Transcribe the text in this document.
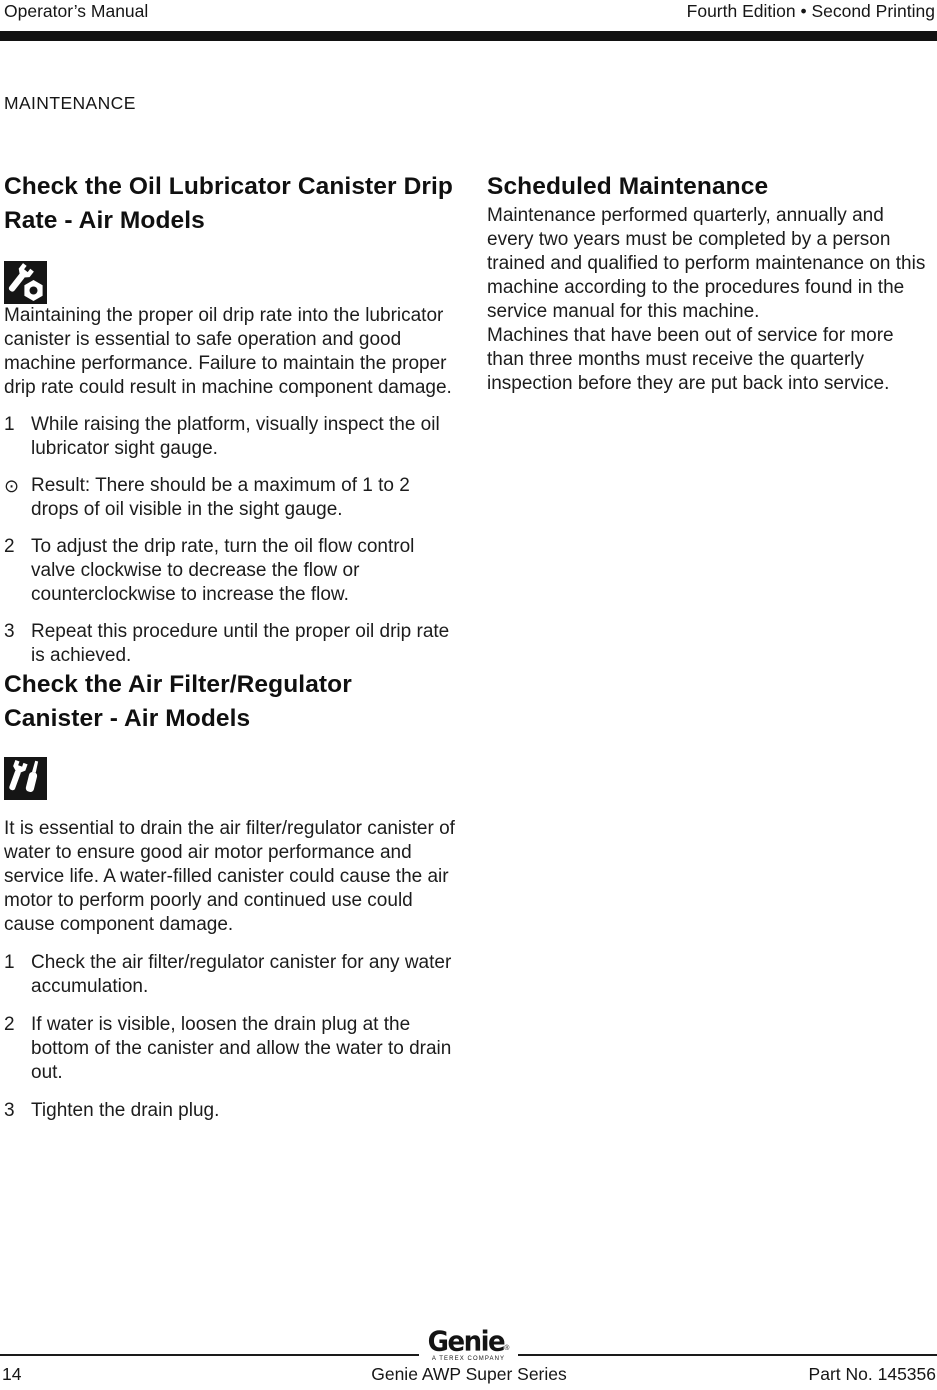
Operator’s Manual	Fourth Edition • Second Printing
MAINTENANCE
Check the Oil Lubricator Canister Drip Rate - Air Models

Maintaining the proper oil drip rate into the lubricator canister is essential to safe operation and good machine performance. Failure to maintain the proper drip rate could result in machine component damage.

1 While raising the platform, visually inspect the oil lubricator sight gauge.
⊙ Result: There should be a maximum of 1 to 2 drops of oil visible in the sight gauge.
2 To adjust the drip rate, turn the oil flow control valve clockwise to decrease the flow or counterclockwise to increase the flow.
3 Repeat this procedure until the proper oil drip rate is achieved.
Check the Air Filter/Regulator Canister - Air Models

It is essential to drain the air filter/regulator canister of water to ensure good air motor performance and service life. A water-filled canister could cause the air motor to perform poorly and continued use could cause component damage.

1 Check the air filter/regulator canister for any water accumulation.
2 If water is visible, loosen the drain plug at the bottom of the canister and allow the water to drain out.
3 Tighten the drain plug.
Scheduled Maintenance

Maintenance performed quarterly, annually and every two years must be completed by a person trained and qualified to perform maintenance on this machine according to the procedures found in the service manual for this machine.

Machines that have been out of service for more than three months must receive the quarterly inspection before they are put back into service.

Genie®
A TEREX COMPANY
14	Genie AWP Super Series	Part No. 145356
